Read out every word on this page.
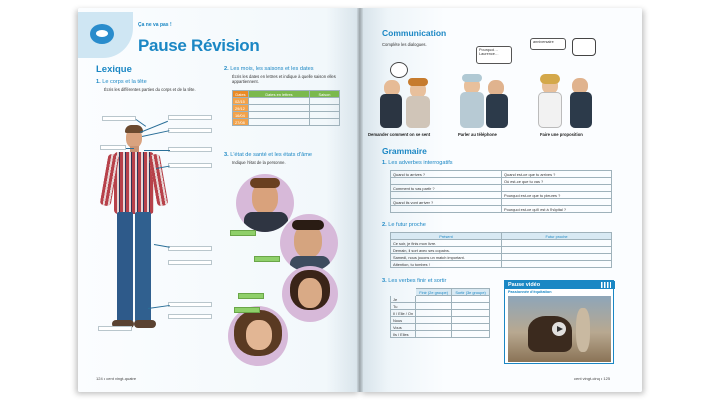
Ça ne va pas !
Pause Révision
Lexique
1. Le corps et la tête
Écris les différentes parties du corps et de la tête.
2. Les mois, les saisons et les dates
Écris les dates en lettres et indique à quelle saison elles appartiennent.
Dates	Dates en lettres	Saison
02/15		
29/12		
16/04		
27/08		
3. L'état de santé et les états d'âme
Indique l'état de la personne.
124 • cent vingt-quatre
Communication
Complète les dialogues.
Pourquoi…
Laurence…
anniversaire
Demander comment on se sent	Parler au téléphone	Faire une proposition
Grammaire
1. Les adverbes interrogatifs
Quand tu arrives ?	Quand est-ce que tu arrives ?
	Où est-ce que tu vas ?
Comment tu vas partir ?	
	Pourquoi est-ce que tu pleures ?
Quand ils vont arriver ?	
	Pourquoi est-ce qu'il est à l'hôpital ?
2. Le futur proche
Présent	Futur proche
Ce soir, je finis mon livre.	
Demain, il sort avec ses copains.	
Samedi, nous jouons un match important.	
Attention, tu tombes !	
3. Les verbes finir et sortir
	Finir (2e groupe)	Sortir (3e groupe)
Je		
Tu		
Il / Elle / On		
Nous		
Vous		
Ils / Elles		
Pause vidéo
Passionnée d'équitation
cent vingt-cinq • 125
